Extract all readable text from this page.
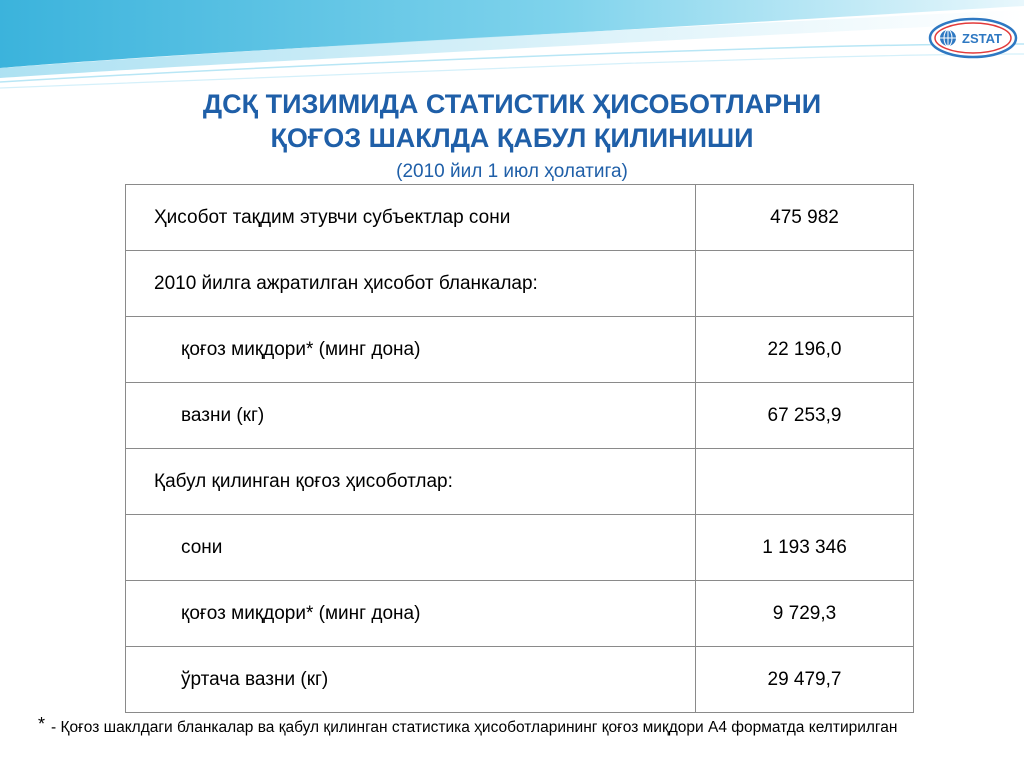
ZSTAT
ДСҚ ТИЗИМИДА СТАТИСТИК ҲИСОБОТЛАРНИ
ҚОҒОЗ ШАКЛДА ҚАБУЛ ҚИЛИНИШИ
(2010 йил 1 июл ҳолатига)
Ҳисобот тақдим этувчи субъектлар сони	475 982
2010 йилга ажратилган ҳисобот бланкалар:	
қоғоз миқдори* (минг дона)	22 196,0
вазни (кг)	67 253,9
Қабул қилинган қоғоз ҳисоботлар:	
сони	1 193 346
қоғоз миқдори* (минг дона)	9 729,3
ўртача вазни (кг)	29 479,7
* - Қоғоз шаклдаги бланкалар ва қабул қилинган статистика ҳисоботларининг қоғоз миқдори А4 форматда келтирилган
